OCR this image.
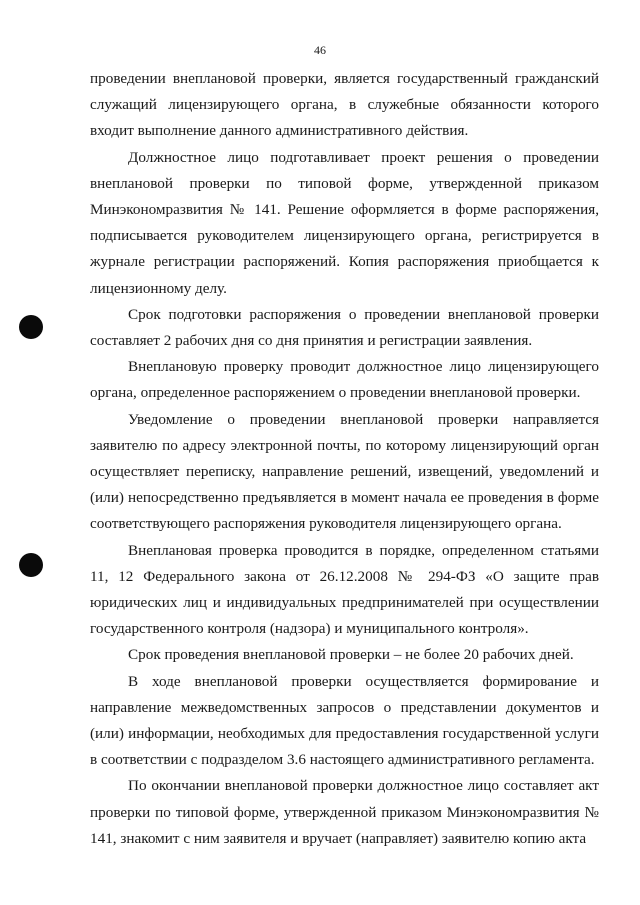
46

проведении внеплановой проверки, является государственный гражданский служащий лицензирующего органа, в служебные обязанности которого входит выполнение данного административного действия.

Должностное лицо подготавливает проект решения о проведении внеплановой проверки по типовой форме, утвержденной приказом Минэкономразвития № 141. Решение оформляется в форме распоряжения, подписывается руководителем лицензирующего органа, регистрируется в журнале регистрации распоряжений. Копия распоряжения приобщается к лицензионному делу.

Срок подготовки распоряжения о проведении внеплановой проверки составляет 2 рабочих дня со дня принятия и регистрации заявления.

Внеплановую проверку проводит должностное лицо лицензирующего органа, определенное распоряжением о проведении внеплановой проверки.

Уведомление о проведении внеплановой проверки направляется заявителю по адресу электронной почты, по которому лицензирующий орган осуществляет переписку, направление решений, извещений, уведомлений и (или) непосредственно предъявляется в момент начала ее проведения в форме соответствующего распоряжения руководителя лицензирующего органа.

Внеплановая проверка проводится в порядке, определенном статьями 11, 12 Федерального закона от 26.12.2008 № 294-ФЗ «О защите прав юридических лиц и индивидуальных предпринимателей при осуществлении государственного контроля (надзора) и муниципального контроля».

Срок проведения внеплановой проверки – не более 20 рабочих дней.

В ходе внеплановой проверки осуществляется формирование и направление межведомственных запросов о представлении документов и (или) информации, необходимых для предоставления государственной услуги в соответствии с подразделом 3.6 настоящего административного регламента.

По окончании внеплановой проверки должностное лицо составляет акт проверки по типовой форме, утвержденной приказом Минэкономразвития № 141, знакомит с ним заявителя и вручает (направляет) заявителю копию акта
